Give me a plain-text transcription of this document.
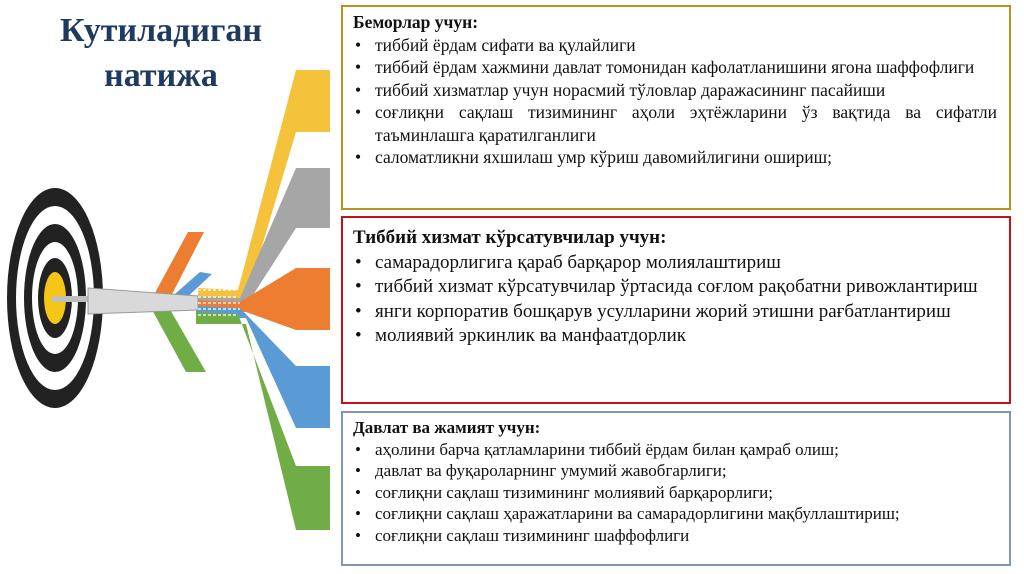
Кутиладиган
натижа
Беморлар учун:
• тиббий ёрдам сифати ва қулайлиги
• тиббий ёрдам хажмини давлат томонидан кафолатланишини ягона шаффофлиги
• тиббий хизматлар учун норасмий тўловлар даражасининг пасайиши
• соғлиқни сақлаш тизимининг аҳоли эҳтёжларини ўз вақтида ва сифатли таъминлашга қаратилганлиги
• саломатликни яхшилаш умр кўриш давомийлигини ошириш;
Тиббий хизмат кўрсатувчилар учун:
• самарадорлигига қараб барқарор молиялаштириш
• тиббий хизмат кўрсатувчилар ўртасида соғлом рақобатни ривожлантириш
• янги корпоратив бошқарув усулларини жорий этишни рағбатлантириш
• молиявий эркинлик ва манфаатдорлик
Давлат ва жамият учун:
• аҳолини барча қатламларини тиббий ёрдам билан қамраб олиш;
• давлат ва фуқароларнинг умумий жавобгарлиги;
• соғлиқни сақлаш тизимининг молиявий барқарорлиги;
• соғлиқни сақлаш ҳаражатларини ва самарадорлигини мақбуллаштириш;
• соғлиқни сақлаш тизимининг шаффофлиги
